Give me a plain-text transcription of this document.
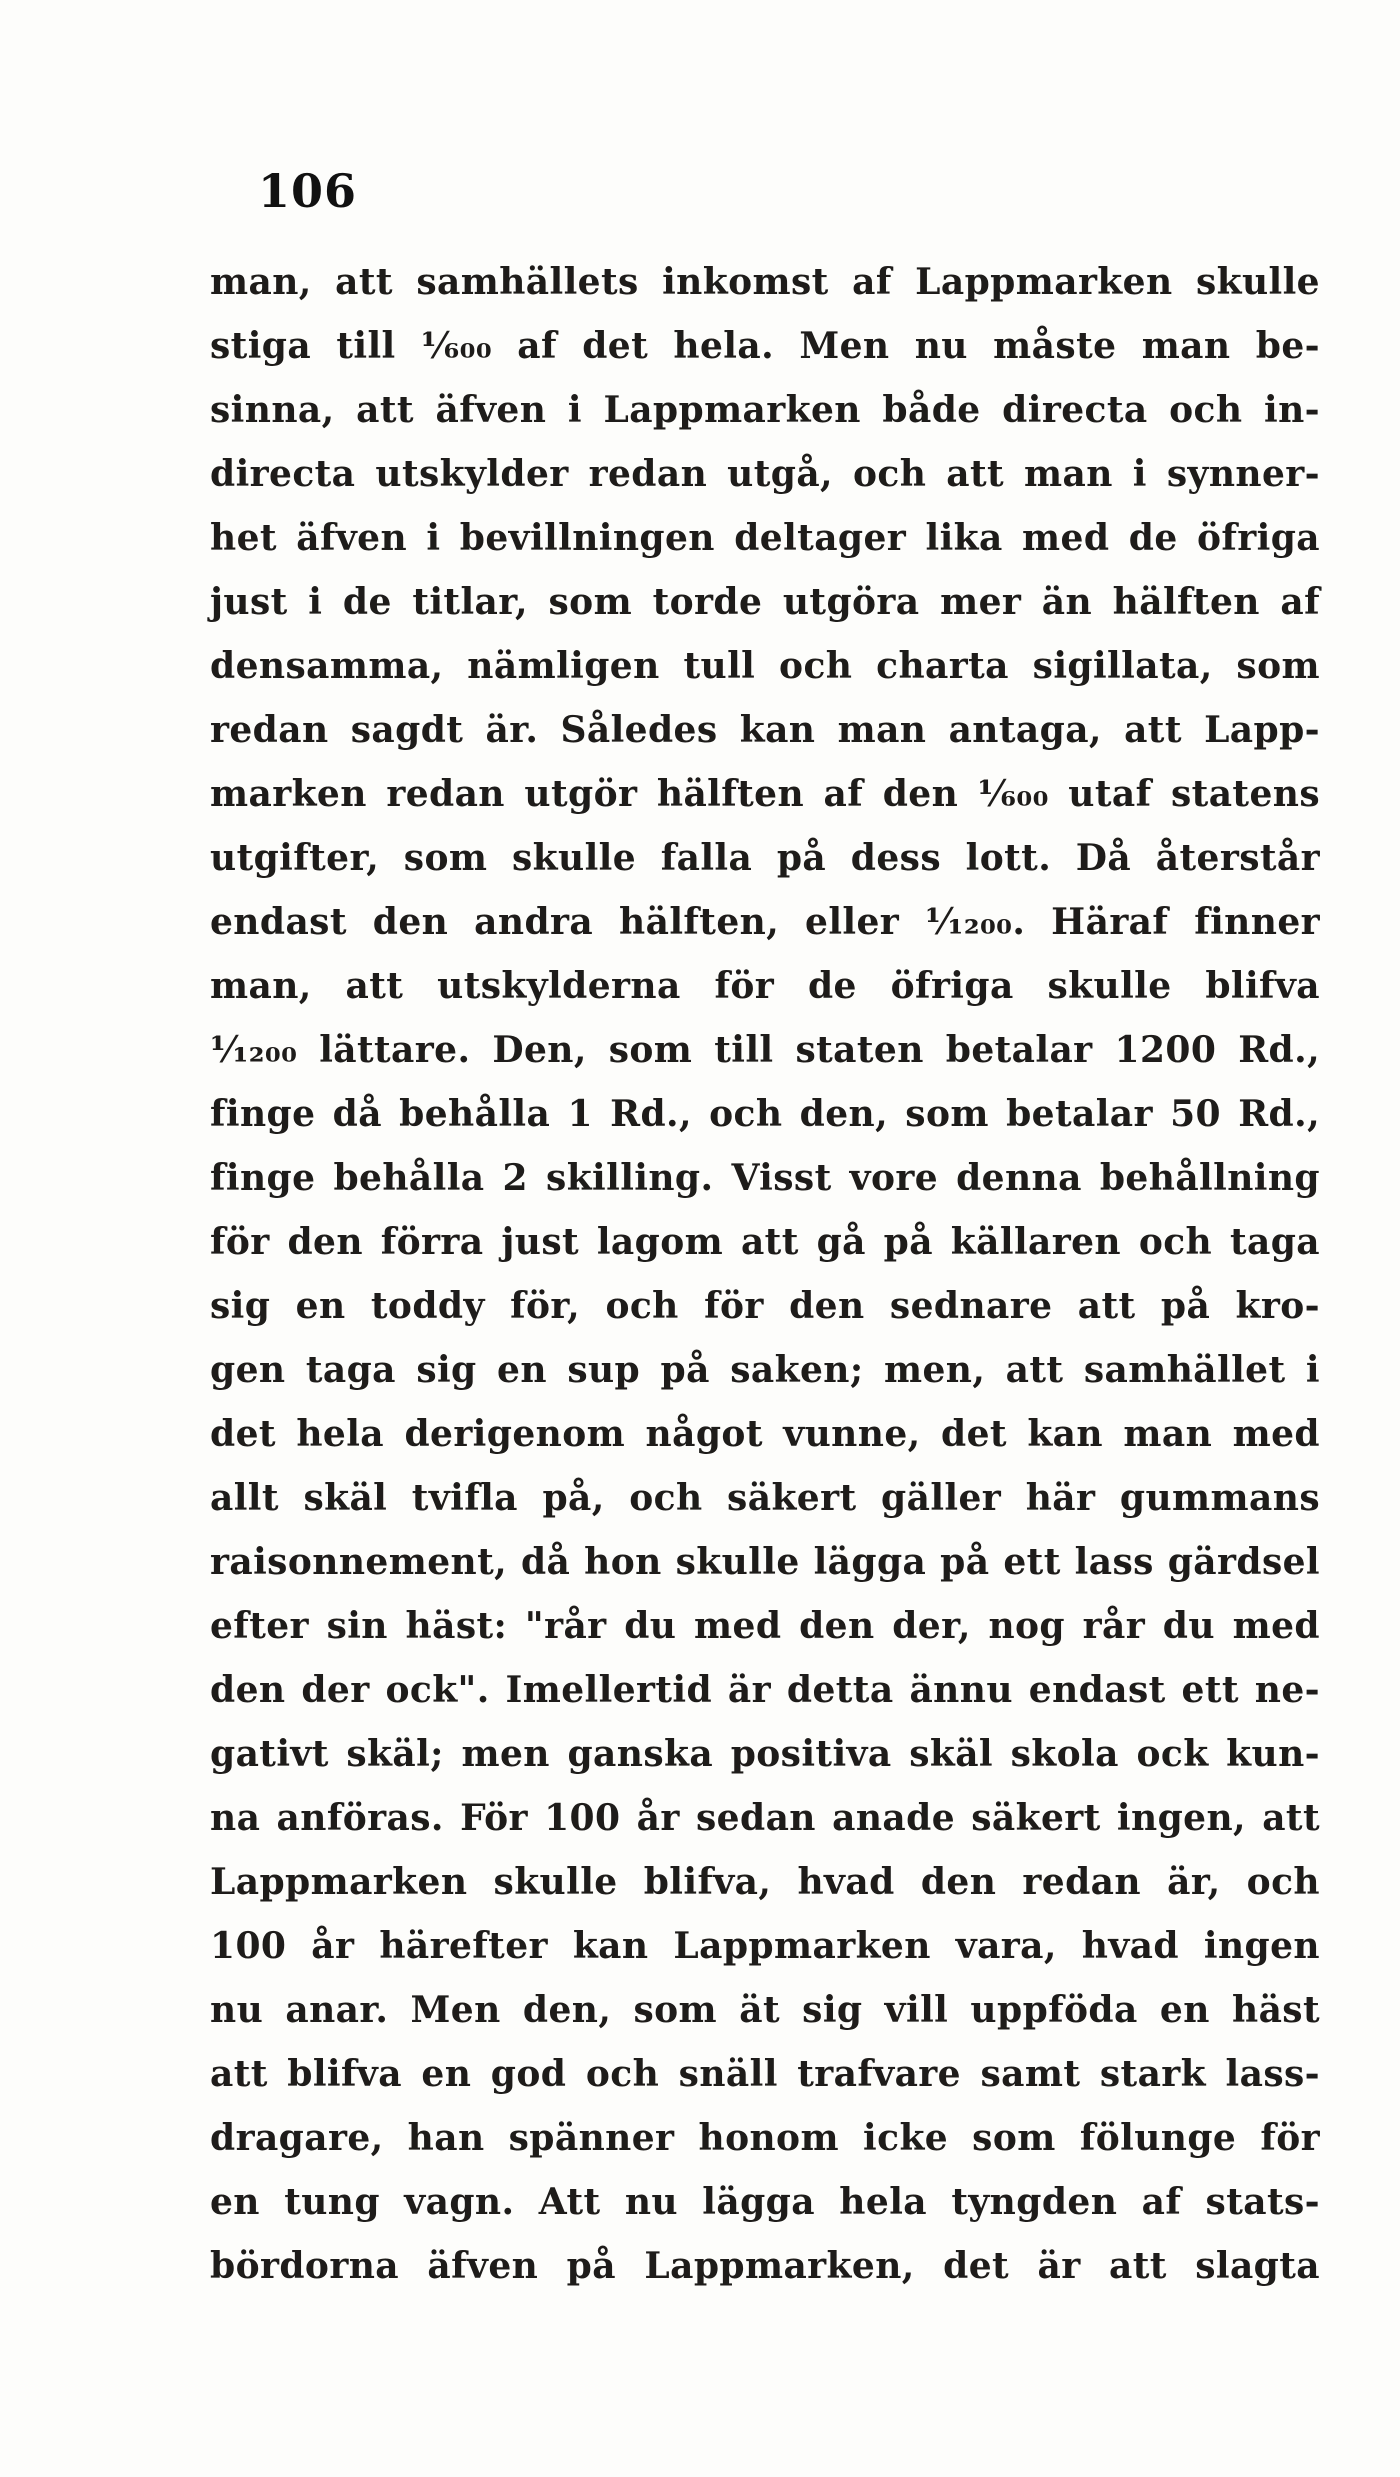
106
man, att samhällets inkomst af Lappmarken skulle
stiga till ¹⁄₆₀₀ af det hela. Men nu måste man be-
sinna, att äfven i Lappmarken både directa och in-
directa utskylder redan utgå, och att man i synner-
het äfven i bevillningen deltager lika med de öfriga
just i de titlar, som torde utgöra mer än hälften af
densamma, nämligen tull och charta sigillata, som
redan sagdt är. Således kan man antaga, att Lapp-
marken redan utgör hälften af den ¹⁄₆₀₀ utaf statens
utgifter, som skulle falla på dess lott. Då återstår
endast den andra hälften, eller ¹⁄₁₂₀₀. Häraf finner
man, att utskylderna för de öfriga skulle blifva
¹⁄₁₂₀₀ lättare. Den, som till staten betalar 1200 Rd.,
finge då behålla 1 Rd., och den, som betalar 50 Rd.,
finge behålla 2 skilling. Visst vore denna behållning
för den förra just lagom att gå på källaren och taga
sig en toddy för, och för den sednare att på kro-
gen taga sig en sup på saken; men, att samhället i
det hela derigenom något vunne, det kan man med
allt skäl tvifla på, och säkert gäller här gummans
raisonnement, då hon skulle lägga på ett lass gärdsel
efter sin häst: "rår du med den der, nog rår du med
den der ock". Imellertid är detta ännu endast ett ne-
gativt skäl; men ganska positiva skäl skola ock kun-
na anföras. För 100 år sedan anade säkert ingen, att
Lappmarken skulle blifva, hvad den redan är, och
100 år härefter kan Lappmarken vara, hvad ingen
nu anar. Men den, som ät sig vill uppföda en häst
att blifva en god och snäll trafvare samt stark lass-
dragare, han spänner honom icke som fölunge för
en tung vagn. Att nu lägga hela tyngden af stats-
bördorna äfven på Lappmarken, det är att slagta
